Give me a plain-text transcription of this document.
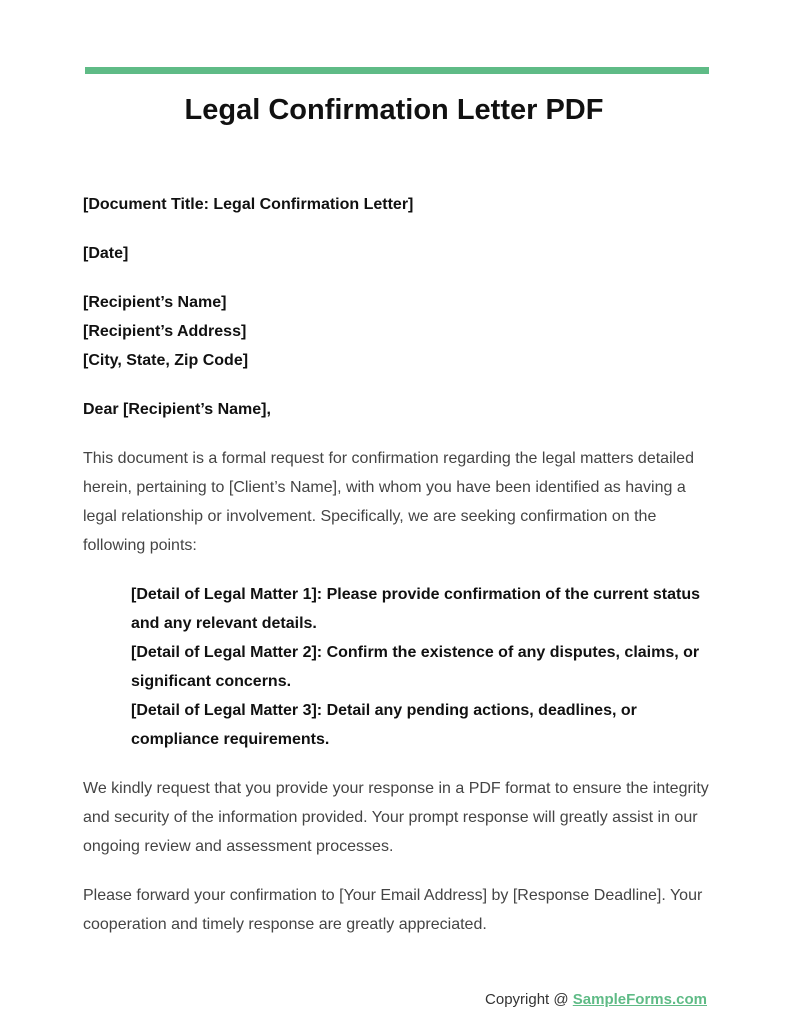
Legal Confirmation Letter PDF

[Document Title: Legal Confirmation Letter]

[Date]

[Recipient’s Name]

[Recipient’s Address]

[City, State, Zip Code]

Dear [Recipient’s Name],

This document is a formal request for confirmation regarding the legal matters detailed herein, pertaining to [Client’s Name], with whom you have been identified as having a legal relationship or involvement. Specifically, we are seeking confirmation on the following points:

[Detail of Legal Matter 1]: Please provide confirmation of the current status and any relevant details.
[Detail of Legal Matter 2]: Confirm the existence of any disputes, claims, or significant concerns.
[Detail of Legal Matter 3]: Detail any pending actions, deadlines, or compliance requirements.

We kindly request that you provide your response in a PDF format to ensure the integrity and security of the information provided. Your prompt response will greatly assist in our ongoing review and assessment processes.

Please forward your confirmation to [Your Email Address] by [Response Deadline]. Your cooperation and timely response are greatly appreciated.

Copyright @ SampleForms.com
